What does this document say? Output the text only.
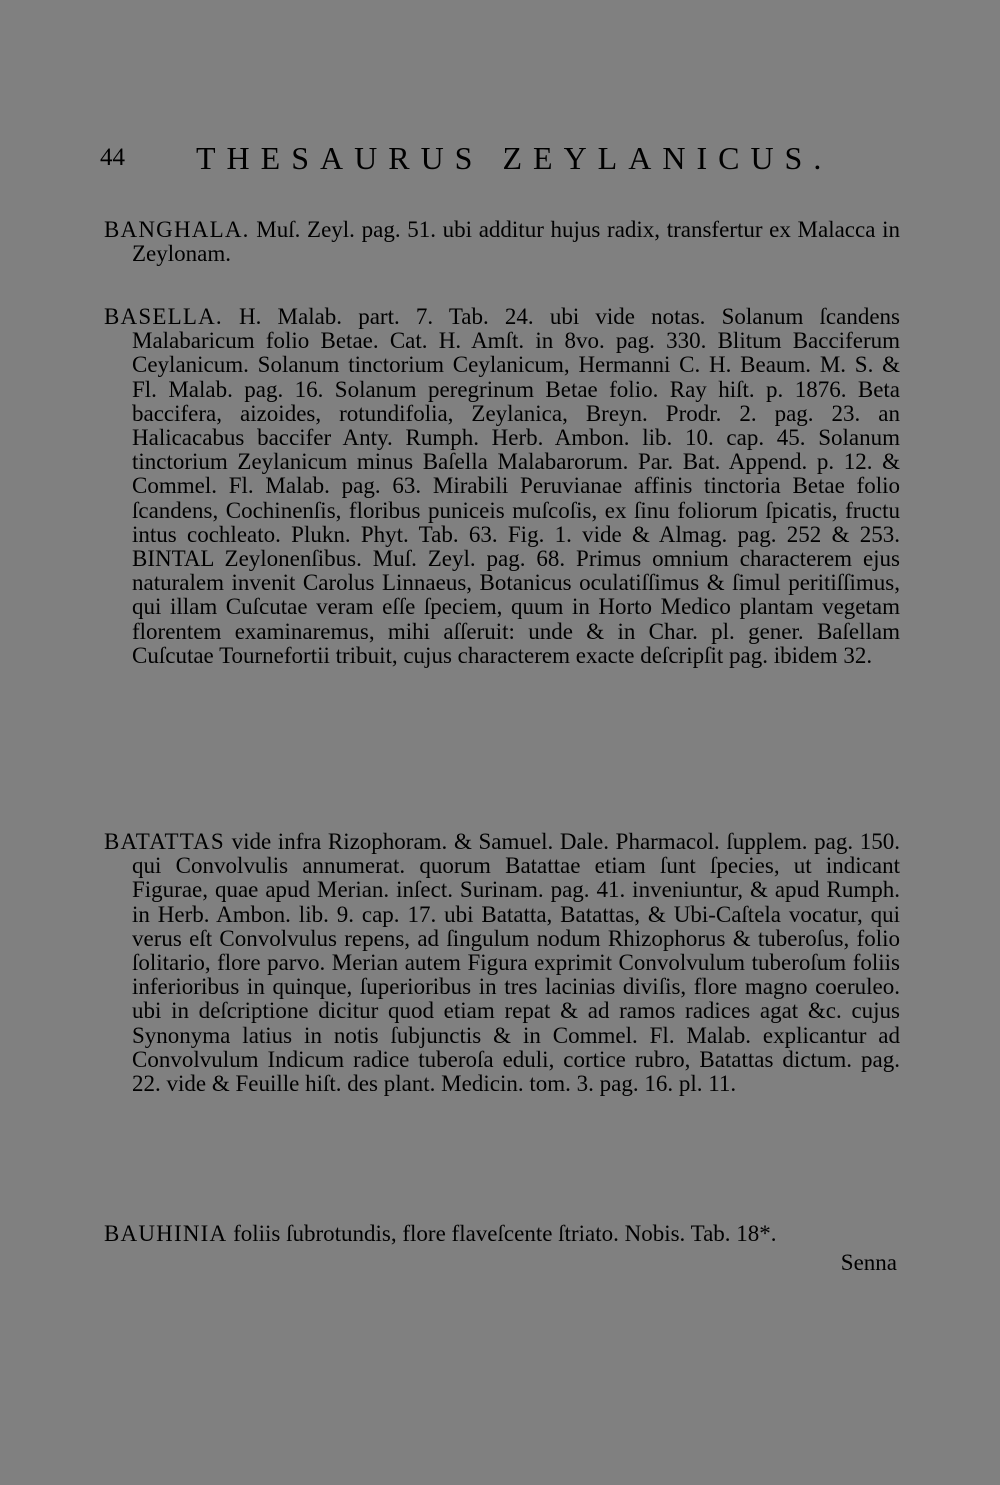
44 THESAURUS ZEYLANICUS.

BANGHALA. Muſ. Zeyl. pag. 51. ubi additur hujus radix, transfertur ex Malacca in Zeylonam.

BASELLA. H. Malab. part. 7. Tab. 24. ubi vide notas. Solanum ſcandens Malabaricum folio Betae. Cat. H. Amſt. in 8vo. pag. 330. Blitum Bacciferum Ceylanicum. Solanum tinctorium Ceylanicum, Hermanni C. H. Beaum. M. S. & Fl. Malab. pag. 16. Solanum peregrinum Betae folio. Ray hiſt. p. 1876. Beta baccifera, aizoides, rotundifolia, Zeylanica, Breyn. Prodr. 2. pag. 23. an Halicacabus baccifer Anty. Rumph. Herb. Ambon. lib. 10. cap. 45. Solanum tinctorium Zeylanicum minus Baſella Malabarorum. Par. Bat. Append. p. 12. & Commel. Fl. Malab. pag. 63. Mirabili Peruvianae affinis tinctoria Betae folio ſcandens, Cochinenſis, floribus puniceis muſcoſis, ex ſinu foliorum ſpicatis, fructu intus cochleato. Plukn. Phyt. Tab. 63. Fig. 1. vide & Almag. pag. 252 & 253. BINTAL Zeylonenſibus. Muſ. Zeyl. pag. 68. Primus omnium characterem ejus naturalem invenit Carolus Linnaeus, Botanicus oculatiſſimus & ſimul peritiſſimus, qui illam Cuſcutae veram eſſe ſpeciem, quum in Horto Medico plantam vegetam florentem examinaremus, mihi aſſeruit: unde & in Char. pl. gener. Baſellam Cuſcutae Tournefortii tribuit, cujus characterem exacte deſcripſit pag. ibidem 32.

BATATTAS vide infra Rizophoram. & Samuel. Dale. Pharmacol. ſupplem. pag. 150. qui Convolvulis annumerat. quorum Batattae etiam ſunt ſpecies, ut indicant Figurae, quae apud Merian. inſect. Surinam. pag. 41. inveniuntur, & apud Rumph. in Herb. Ambon. lib. 9. cap. 17. ubi Batatta, Batattas, & Ubi-Caſtela vocatur, qui verus eſt Convolvulus repens, ad ſingulum nodum Rhizophorus & tuberoſus, folio ſolitario, flore parvo. Merian autem Figura exprimit Convolvulum tuberoſum foliis inferioribus in quinque, ſuperioribus in tres lacinias diviſis, flore magno coeruleo. ubi in deſcriptione dicitur quod etiam repat & ad ramos radices agat &c. cujus Synonyma latius in notis ſubjunctis & in Commel. Fl. Malab. explicantur ad Convolvulum Indicum radice tuberoſa eduli, cortice rubro, Batattas dictum. pag. 22. vide & Feuille hiſt. des plant. Medicin. tom. 3. pag. 16. pl. 11.

BAUHINIA foliis ſubrotundis, flore flaveſcente ſtriato. Nobis. Tab. 18*.

Senna
